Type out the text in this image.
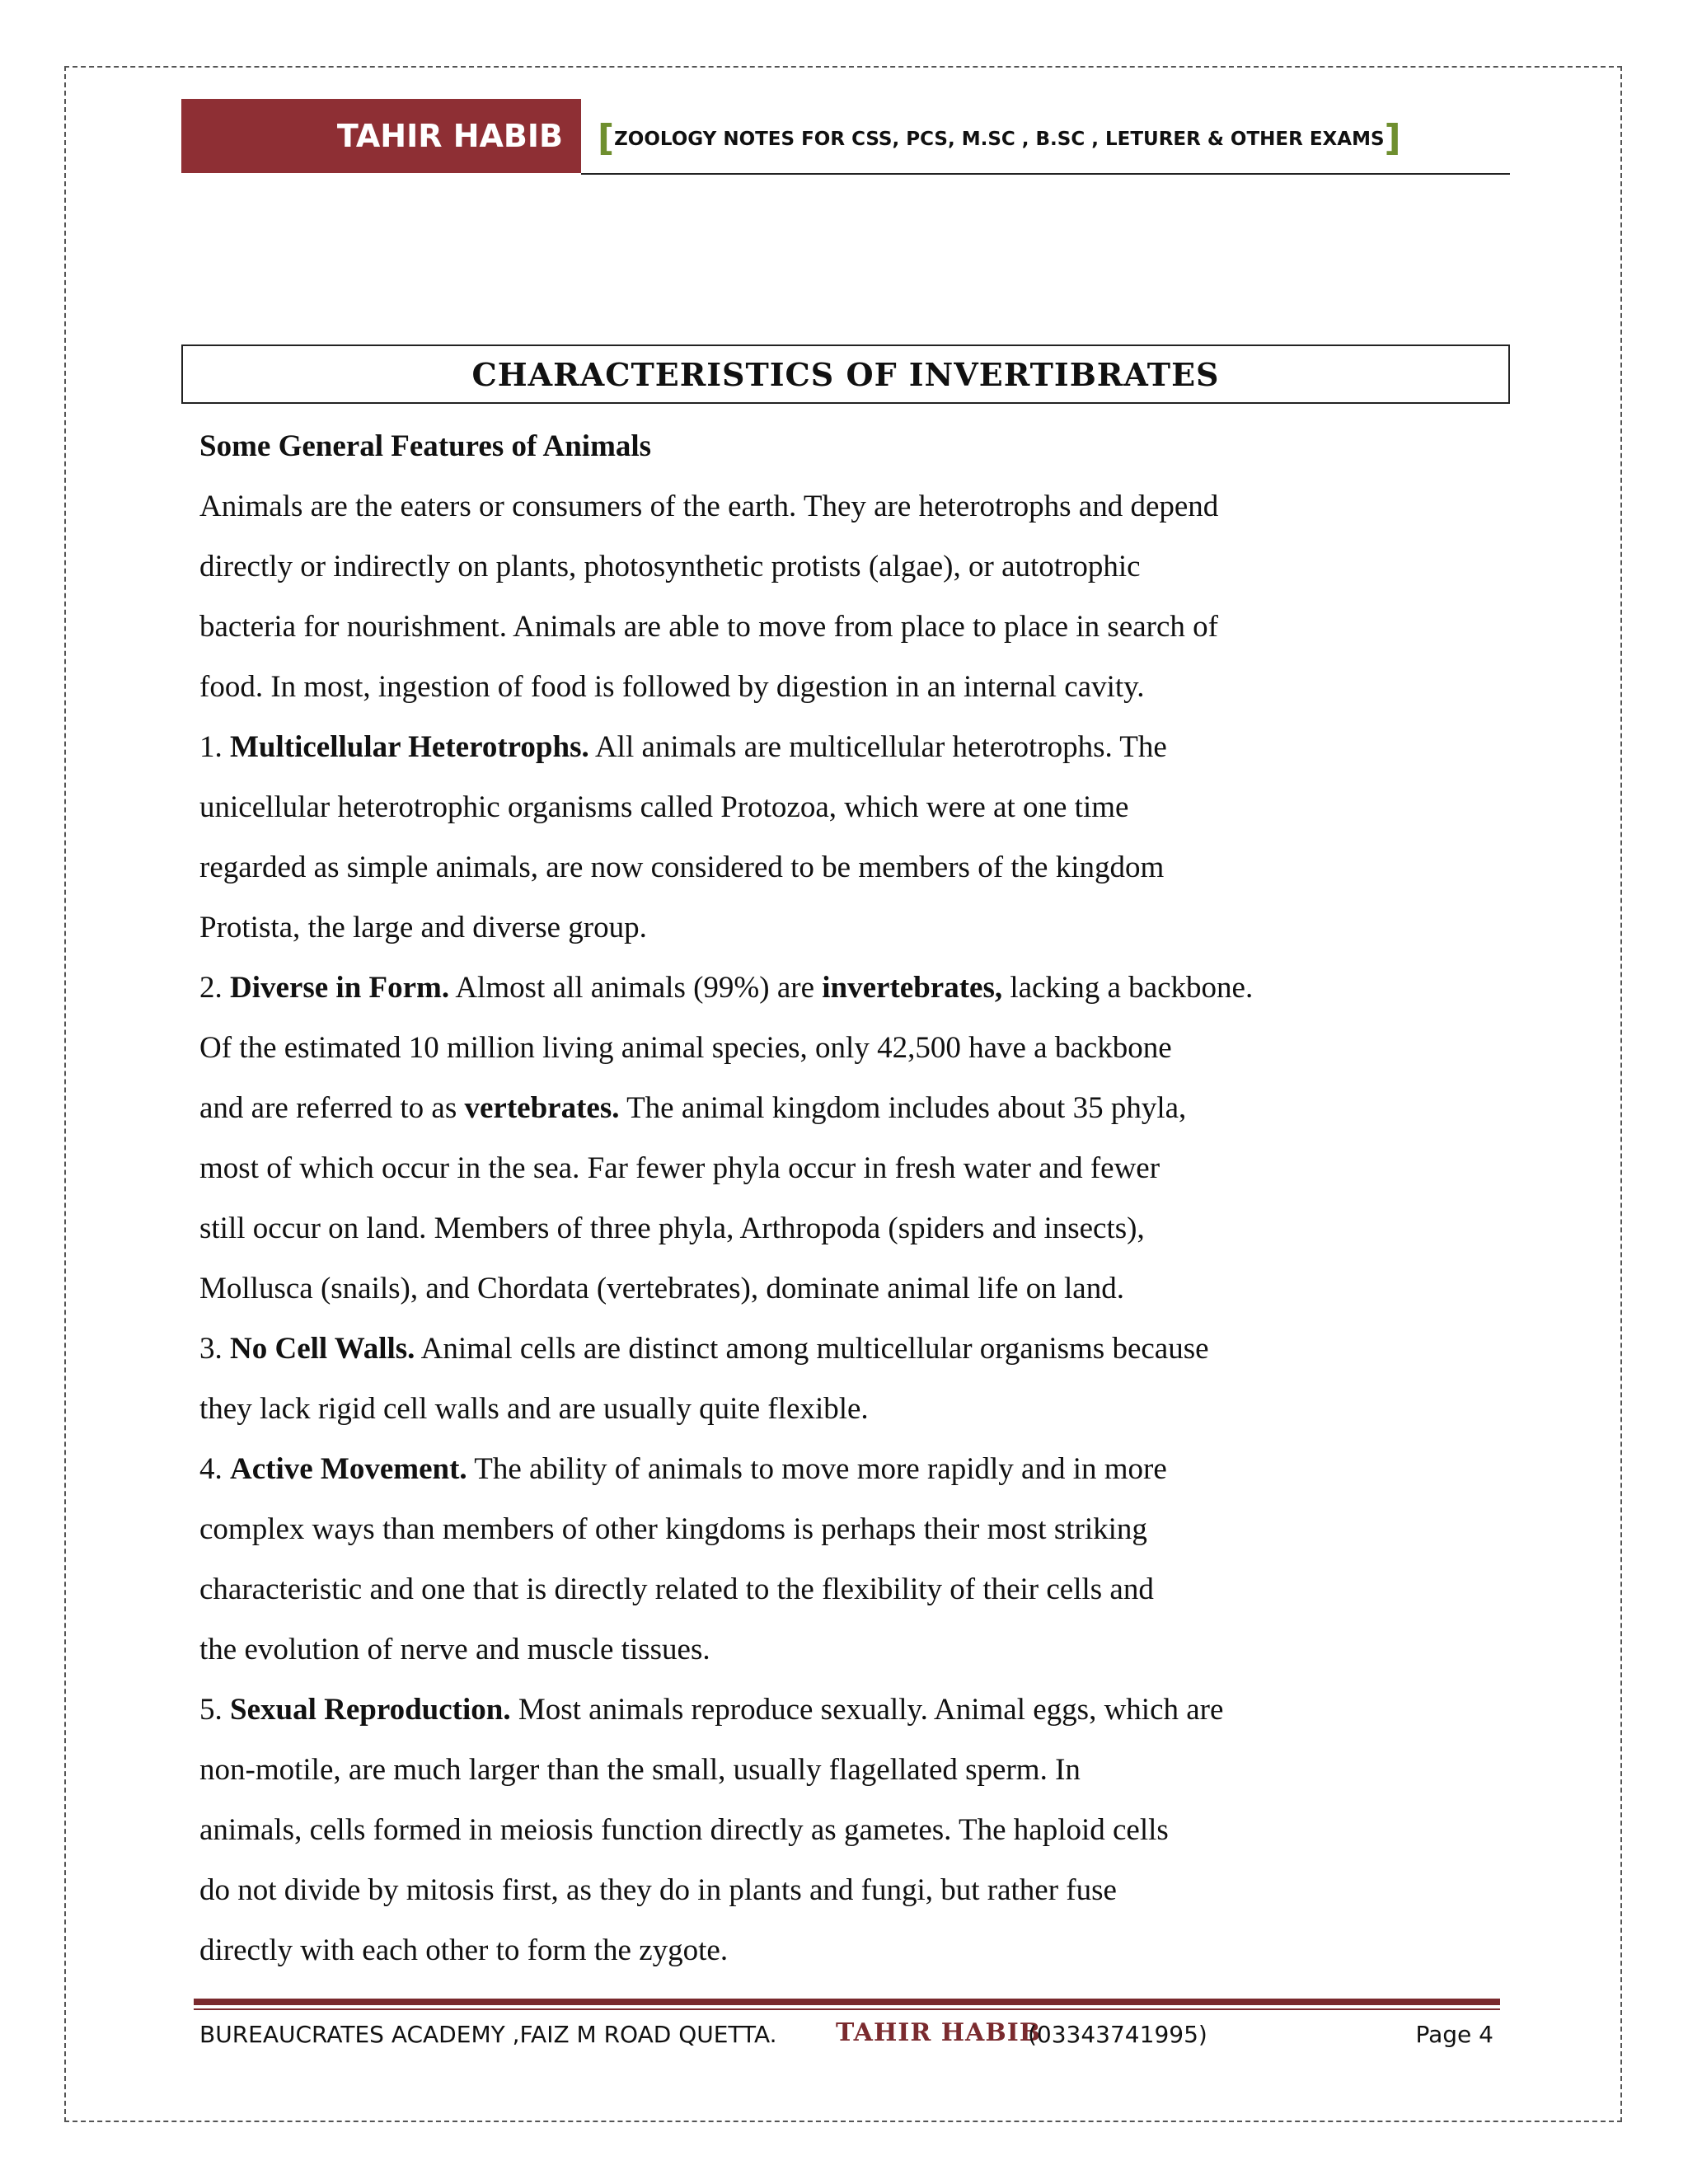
TAHIR HABIB [ZOOLOGY NOTES FOR CSS, PCS, M.SC , B.SC , LETURER & OTHER EXAMS]
CHARACTERISTICS OF INVERTIBRATES
Some General Features of Animals
Animals are the eaters or consumers of the earth. They are heterotrophs and depend
directly or indirectly on plants, photosynthetic protists (algae), or autotrophic
bacteria for nourishment. Animals are able to move from place to place in search of
food. In most, ingestion of food is followed by digestion in an internal cavity.
1. Multicellular Heterotrophs. All animals are multicellular heterotrophs. The
unicellular heterotrophic organisms called Protozoa, which were at one time
regarded as simple animals, are now considered to be members of the kingdom
Protista, the large and diverse group.
2. Diverse in Form. Almost all animals (99%) are invertebrates, lacking a backbone.
Of the estimated 10 million living animal species, only 42,500 have a backbone
and are referred to as vertebrates. The animal kingdom includes about 35 phyla,
most of which occur in the sea. Far fewer phyla occur in fresh water and fewer
still occur on land. Members of three phyla, Arthropoda (spiders and insects),
Mollusca (snails), and Chordata (vertebrates), dominate animal life on land.
3. No Cell Walls. Animal cells are distinct among multicellular organisms because
they lack rigid cell walls and are usually quite flexible.
4. Active Movement. The ability of animals to move more rapidly and in more
complex ways than members of other kingdoms is perhaps their most striking
characteristic and one that is directly related to the flexibility of their cells and
the evolution of nerve and muscle tissues.
5. Sexual Reproduction. Most animals reproduce sexually. Animal eggs, which are
non-motile, are much larger than the small, usually flagellated sperm. In
animals, cells formed in meiosis function directly as gametes. The haploid cells
do not divide by mitosis first, as they do in plants and fungi, but rather fuse
directly with each other to form the zygote.
BUREAUCRATES ACADEMY ,FAIZ M ROAD QUETTA. TAHIR HABIB
(03343741995)	Page 4
